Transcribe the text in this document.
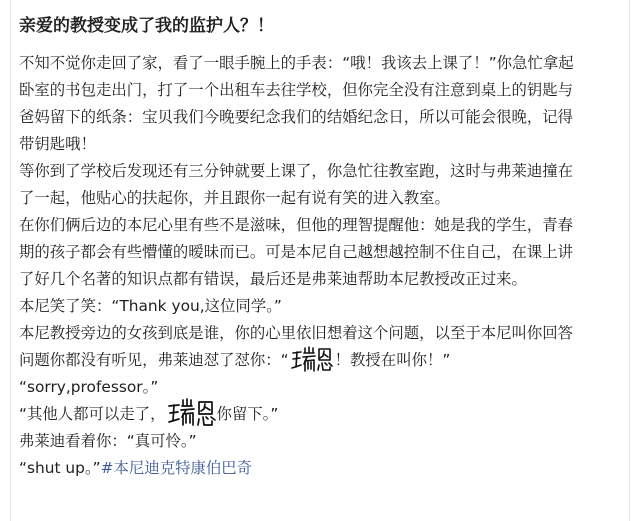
亲爱的教授变成了我的监护人？！

不知不觉你走回了家，看了一眼手腕上的手表：“哦！我该去上课了！”你急忙拿起卧室的书包走出门，打了一个出租车去往学校，但你完全没有注意到桌上的钥匙与爸妈留下的纸条：宝贝我们今晚要纪念我们的结婚纪念日，所以可能会很晚，记得带钥匙哦！

等你到了学校后发现还有三分钟就要上课了，你急忙往教室跑，这时与弗莱迪撞在了一起，他贴心的扶起你，并且跟你一起有说有笑的进入教室。

在你们俩后边的本尼心里有些不是滋味，但他的理智提醒他：她是我的学生，青春期的孩子都会有些懵懂的暧昧而已。可是本尼自己越想越控制不住自己，在课上讲了好几个名著的知识点都有错误，最后还是弗莱迪帮助本尼教授改正过来。

本尼笑了笑：“Thank you,这位同学。”

本尼教授旁边的女孩到底是谁，你的心里依旧想着这个问题，以至于本尼叫你回答问题你都没有听见，弗莱迪怼了怼你：“	！教授在叫你！”

“sorry,professor。”

“其他人都可以走了，	你留下。”

弗莱迪看着你：“真可怜。”

“shut up。”#本尼迪克特康伯巴奇
